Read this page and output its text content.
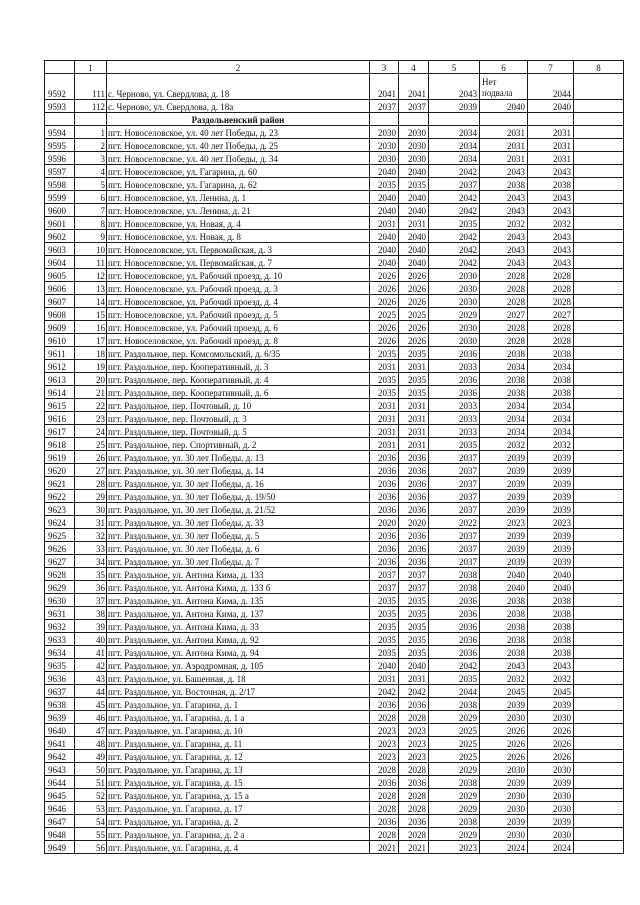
	1	2	3	4	5	6	7	8
9592	111	с. Черново, ул. Свердлова, д. 18	2041	2041	2043	Нет подвала	2044	
9593	112	с. Черново, ул. Свердлова, д. 18а	2037	2037	2039	2040	2040	
		Раздольненский район						
9594	1	пгт. Новоселовское, ул. 40 лет Победы, д. 23	2030	2030	2034	2031	2031	
9595	2	пгт. Новоселовское, ул. 40 лет Победы, д. 25	2030	2030	2034	2031	2031	
9596	3	пгт. Новоселовское, ул. 40 лет Победы, д. 34	2030	2030	2034	2031	2031	
9597	4	пгт. Новоселовское, ул. Гагарина, д. 60	2040	2040	2042	2043	2043	
9598	5	пгт. Новоселовское, ул. Гагарина, д. 62	2035	2035	2037	2038	2038	
9599	6	пгт. Новоселовское, ул. Ленина, д. 1	2040	2040	2042	2043	2043	
9600	7	пгт. Новоселовское, ул. Ленина, д. 21	2040	2040	2042	2043	2043	
9601	8	пгт. Новоселовское, ул. Новая, д. 4	2031	2031	2035	2032	2032	
9602	9	пгт. Новоселовское, ул. Новая, д. 8	2040	2040	2042	2043	2043	
9603	10	пгт. Новоселовское, ул. Первомайская, д. 3	2040	2040	2042	2043	2043	
9604	11	пгт. Новоселовское, ул. Первомайская, д. 7	2040	2040	2042	2043	2043	
9605	12	пгт. Новоселовское, ул. Рабочий проезд, д. 10	2026	2026	2030	2028	2028	
9606	13	пгт. Новоселовское, ул. Рабочий проезд, д. 3	2026	2026	2030	2028	2028	
9607	14	пгт. Новоселовское, ул. Рабочий проезд, д. 4	2026	2026	2030	2028	2028	
9608	15	пгт. Новоселовское, ул. Рабочий проезд, д. 5	2025	2025	2029	2027	2027	
9609	16	пгт. Новоселовское, ул. Рабочий проезд, д. 6	2026	2026	2030	2028	2028	
9610	17	пгт. Новоселовское, ул. Рабочий проезд, д. 8	2026	2026	2030	2028	2028	
9611	18	пгт. Раздольное, пер. Комсомольский, д. 6/35	2035	2035	2036	2038	2038	
9612	19	пгт. Раздольное, пер. Кооперативный, д. 3	2031	2031	2033	2034	2034	
9613	20	пгт. Раздольное, пер. Кооперативный, д. 4	2035	2035	2036	2038	2038	
9614	21	пгт. Раздольное, пер. Кооперативный, д. 6	2035	2035	2036	2038	2038	
9615	22	пгт. Раздольное, пер. Почтовый, д. 10	2031	2031	2033	2034	2034	
9616	23	пгт. Раздольное, пер. Почтовый, д. 3	2031	2031	2033	2034	2034	
9617	24	пгт. Раздольное, пер. Почтовый, д. 5	2031	2031	2033	2034	2034	
9618	25	пгт. Раздольное, пер. Спортивный, д. 2	2031	2031	2035	2032	2032	
9619	26	пгт. Раздольное, ул. 30 лет Победы, д. 13	2036	2036	2037	2039	2039	
9620	27	пгт. Раздольное, ул. 30 лет Победы, д. 14	2036	2036	2037	2039	2039	
9621	28	пгт. Раздольное, ул. 30 лет Победы, д. 16	2036	2036	2037	2039	2039	
9622	29	пгт. Раздольное, ул. 30 лет Победы, д. 19/50	2036	2036	2037	2039	2039	
9623	30	пгт. Раздольное, ул. 30 лет Победы, д. 21/52	2036	2036	2037	2039	2039	
9624	31	пгт. Раздольное, ул. 30 лет Победы, д. 33	2020	2020	2022	2023	2023	
9625	32	пгт. Раздольное, ул. 30 лет Победы, д. 5	2036	2036	2037	2039	2039	
9626	33	пгт. Раздольное, ул. 30 лет Победы, д. 6	2036	2036	2037	2039	2039	
9627	34	пгт. Раздольное, ул. 30 лет Победы, д. 7	2036	2036	2037	2039	2039	
9628	35	пгт. Раздольное, ул. Антона Кима, д. 133	2037	2037	2038	2040	2040	
9629	36	пгт. Раздольное, ул. Антона Кима, д. 133 б	2037	2037	2038	2040	2040	
9630	37	пгт. Раздольное, ул. Антона Кима, д. 135	2035	2035	2036	2038	2038	
9631	38	пгт. Раздольное, ул. Антона Кима, д. 137	2035	2035	2036	2038	2038	
9632	39	пгт. Раздольное, ул. Антона Кима, д. 33	2035	2035	2036	2038	2038	
9633	40	пгт. Раздольное, ул. Антона Кима, д. 92	2035	2035	2036	2038	2038	
9634	41	пгт. Раздольное, ул. Антона Кима, д. 94	2035	2035	2036	2038	2038	
9635	42	пгт. Раздольное, ул. Аэродромная, д. 105	2040	2040	2042	2043	2043	
9636	43	пгт. Раздольное, ул. Башенная, д. 18	2031	2031	2035	2032	2032	
9637	44	пгт. Раздольное, ул. Восточная, д. 2/17	2042	2042	2044	2045	2045	
9638	45	пгт. Раздольное, ул. Гагарина, д. 1	2036	2036	2038	2039	2039	
9639	46	пгт. Раздольное, ул. Гагарина, д. 1 а	2028	2028	2029	2030	2030	
9640	47	пгт. Раздольное, ул. Гагарина, д. 10	2023	2023	2025	2026	2026	
9641	48	пгт. Раздольное, ул. Гагарина, д. 11	2023	2023	2025	2026	2026	
9642	49	пгт. Раздольное, ул. Гагарина, д. 12	2023	2023	2025	2026	2026	
9643	50	пгт. Раздольное, ул. Гагарина, д. 13	2028	2028	2029	2030	2030	
9644	51	пгт. Раздольное, ул. Гагарина, д. 15	2036	2036	2038	2039	2039	
9645	52	пгт. Раздольное, ул. Гагарина, д. 15 а	2028	2028	2029	2030	2030	
9646	53	пгт. Раздольное, ул. Гагарина, д. 17	2028	2028	2029	2030	2030	
9647	54	пгт. Раздольное, ул. Гагарина, д. 2	2036	2036	2038	2039	2039	
9648	55	пгт. Раздольное, ул. Гагарина, д. 2 а	2028	2028	2029	2030	2030	
9649	56	пгт. Раздольное, ул. Гагарина, д. 4	2021	2021	2023	2024	2024	
